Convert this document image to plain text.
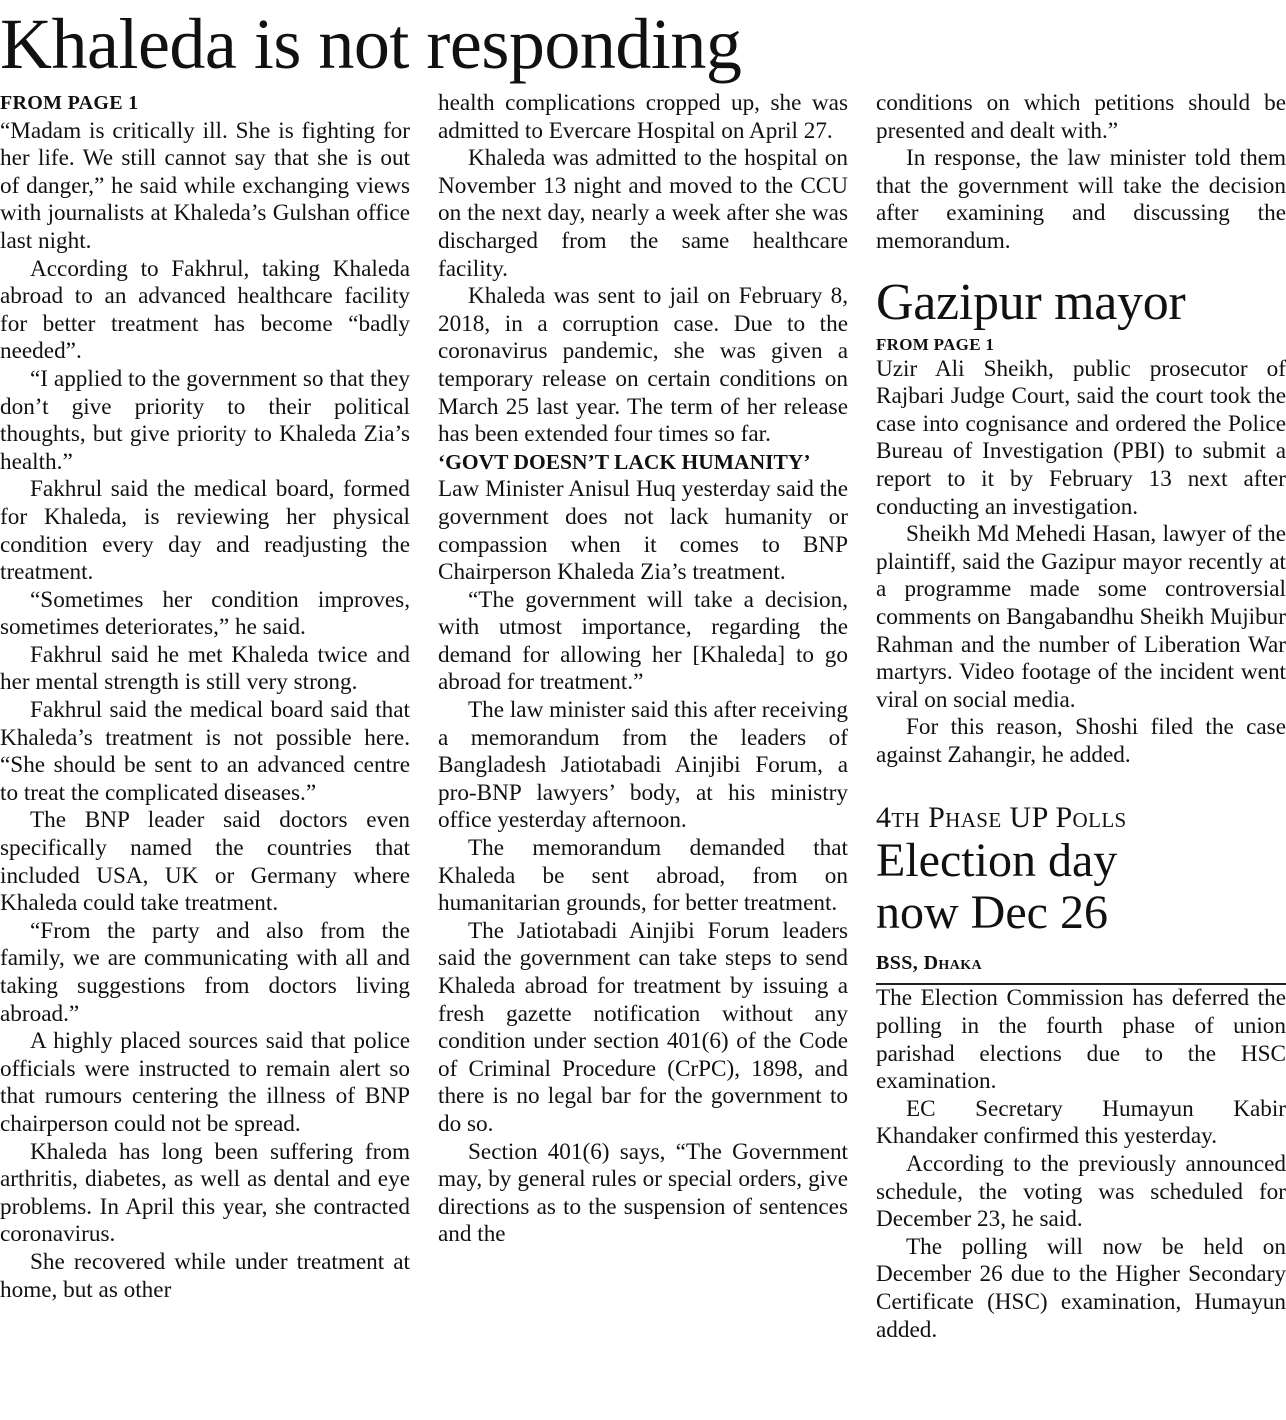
Khaleda is not responding
FROM PAGE 1

“Madam is critically ill. She is fighting for her life. We still cannot say that she is out of danger,” he said while exchanging views with journalists at Khaleda’s Gulshan office last night.

According to Fakhrul, taking Khaleda abroad to an advanced healthcare facility for better treatment has become “badly needed”.

“I applied to the government so that they don’t give priority to their political thoughts, but give priority to Khaleda Zia’s health.”

Fakhrul said the medical board, formed for Khaleda, is reviewing her physical condition every day and readjusting the treatment.

“Sometimes her condition improves, sometimes deteriorates,” he said.

Fakhrul said he met Khaleda twice and her mental strength is still very strong.

Fakhrul said the medical board said that Khaleda’s treatment is not possible here. “She should be sent to an advanced centre to treat the complicated diseases.”

The BNP leader said doctors even specifically named the countries that included USA, UK or Germany where Khaleda could take treatment.

“From the party and also from the family, we are communicating with all and taking suggestions from doctors living abroad.”

A highly placed sources said that police officials were instructed to remain alert so that rumours centering the illness of BNP chairperson could not be spread.

Khaleda has long been suffering from arthritis, diabetes, as well as dental and eye problems. In April this year, she contracted coronavirus.

She recovered while under treatment at home, but as other

health complications cropped up, she was admitted to Evercare Hospital on April 27.

Khaleda was admitted to the hospital on November 13 night and moved to the CCU on the next day, nearly a week after she was discharged from the same healthcare facility.

Khaleda was sent to jail on February 8, 2018, in a corruption case. Due to the coronavirus pandemic, she was given a temporary release on certain conditions on March 25 last year. The term of her release has been extended four times so far.

‘GOVT DOESN’T LACK HUMANITY’

Law Minister Anisul Huq yesterday said the government does not lack humanity or compassion when it comes to BNP Chairperson Khaleda Zia’s treatment.

“The government will take a decision, with utmost importance, regarding the demand for allowing her [Khaleda] to go abroad for treatment.”

The law minister said this after receiving a memorandum from the leaders of Bangladesh Jatiotabadi Ainjibi Forum, a pro-BNP lawyers’ body, at his ministry office yesterday afternoon.

The memorandum demanded that Khaleda be sent abroad, from on humanitarian grounds, for better treatment.

The Jatiotabadi Ainjibi Forum leaders said the government can take steps to send Khaleda abroad for treatment by issuing a fresh gazette notification without any condition under section 401(6) of the Code of Criminal Procedure (CrPC), 1898, and there is no legal bar for the government to do so.

Section 401(6) says, “The Government may, by general rules or special orders, give directions as to the suspension of sentences and the

conditions on which petitions should be presented and dealt with.”

In response, the law minister told them that the government will take the decision after examining and discussing the memorandum.

Gazipur mayor
FROM PAGE 1

Uzir Ali Sheikh, public prosecutor of Rajbari Judge Court, said the court took the case into cognisance and ordered the Police Bureau of Investigation (PBI) to submit a report to it by February 13 next after conducting an investigation.

Sheikh Md Mehedi Hasan, lawyer of the plaintiff, said the Gazipur mayor recently at a programme made some controversial comments on Bangabandhu Sheikh Mujibur Rahman and the number of Liberation War martyrs. Video footage of the incident went viral on social media.

For this reason, Shoshi filed the case against Zahangir, he added.

4th Phase UP Polls
Election day
now Dec 26
BSS, Dhaka

The Election Commission has deferred the polling in the fourth phase of union parishad elections due to the HSC examination.

EC Secretary Humayun Kabir Khandaker confirmed this yesterday.

According to the previously announced schedule, the voting was scheduled for December 23, he said.

The polling will now be held on December 26 due to the Higher Secondary Certificate (HSC) examination, Humayun added.
